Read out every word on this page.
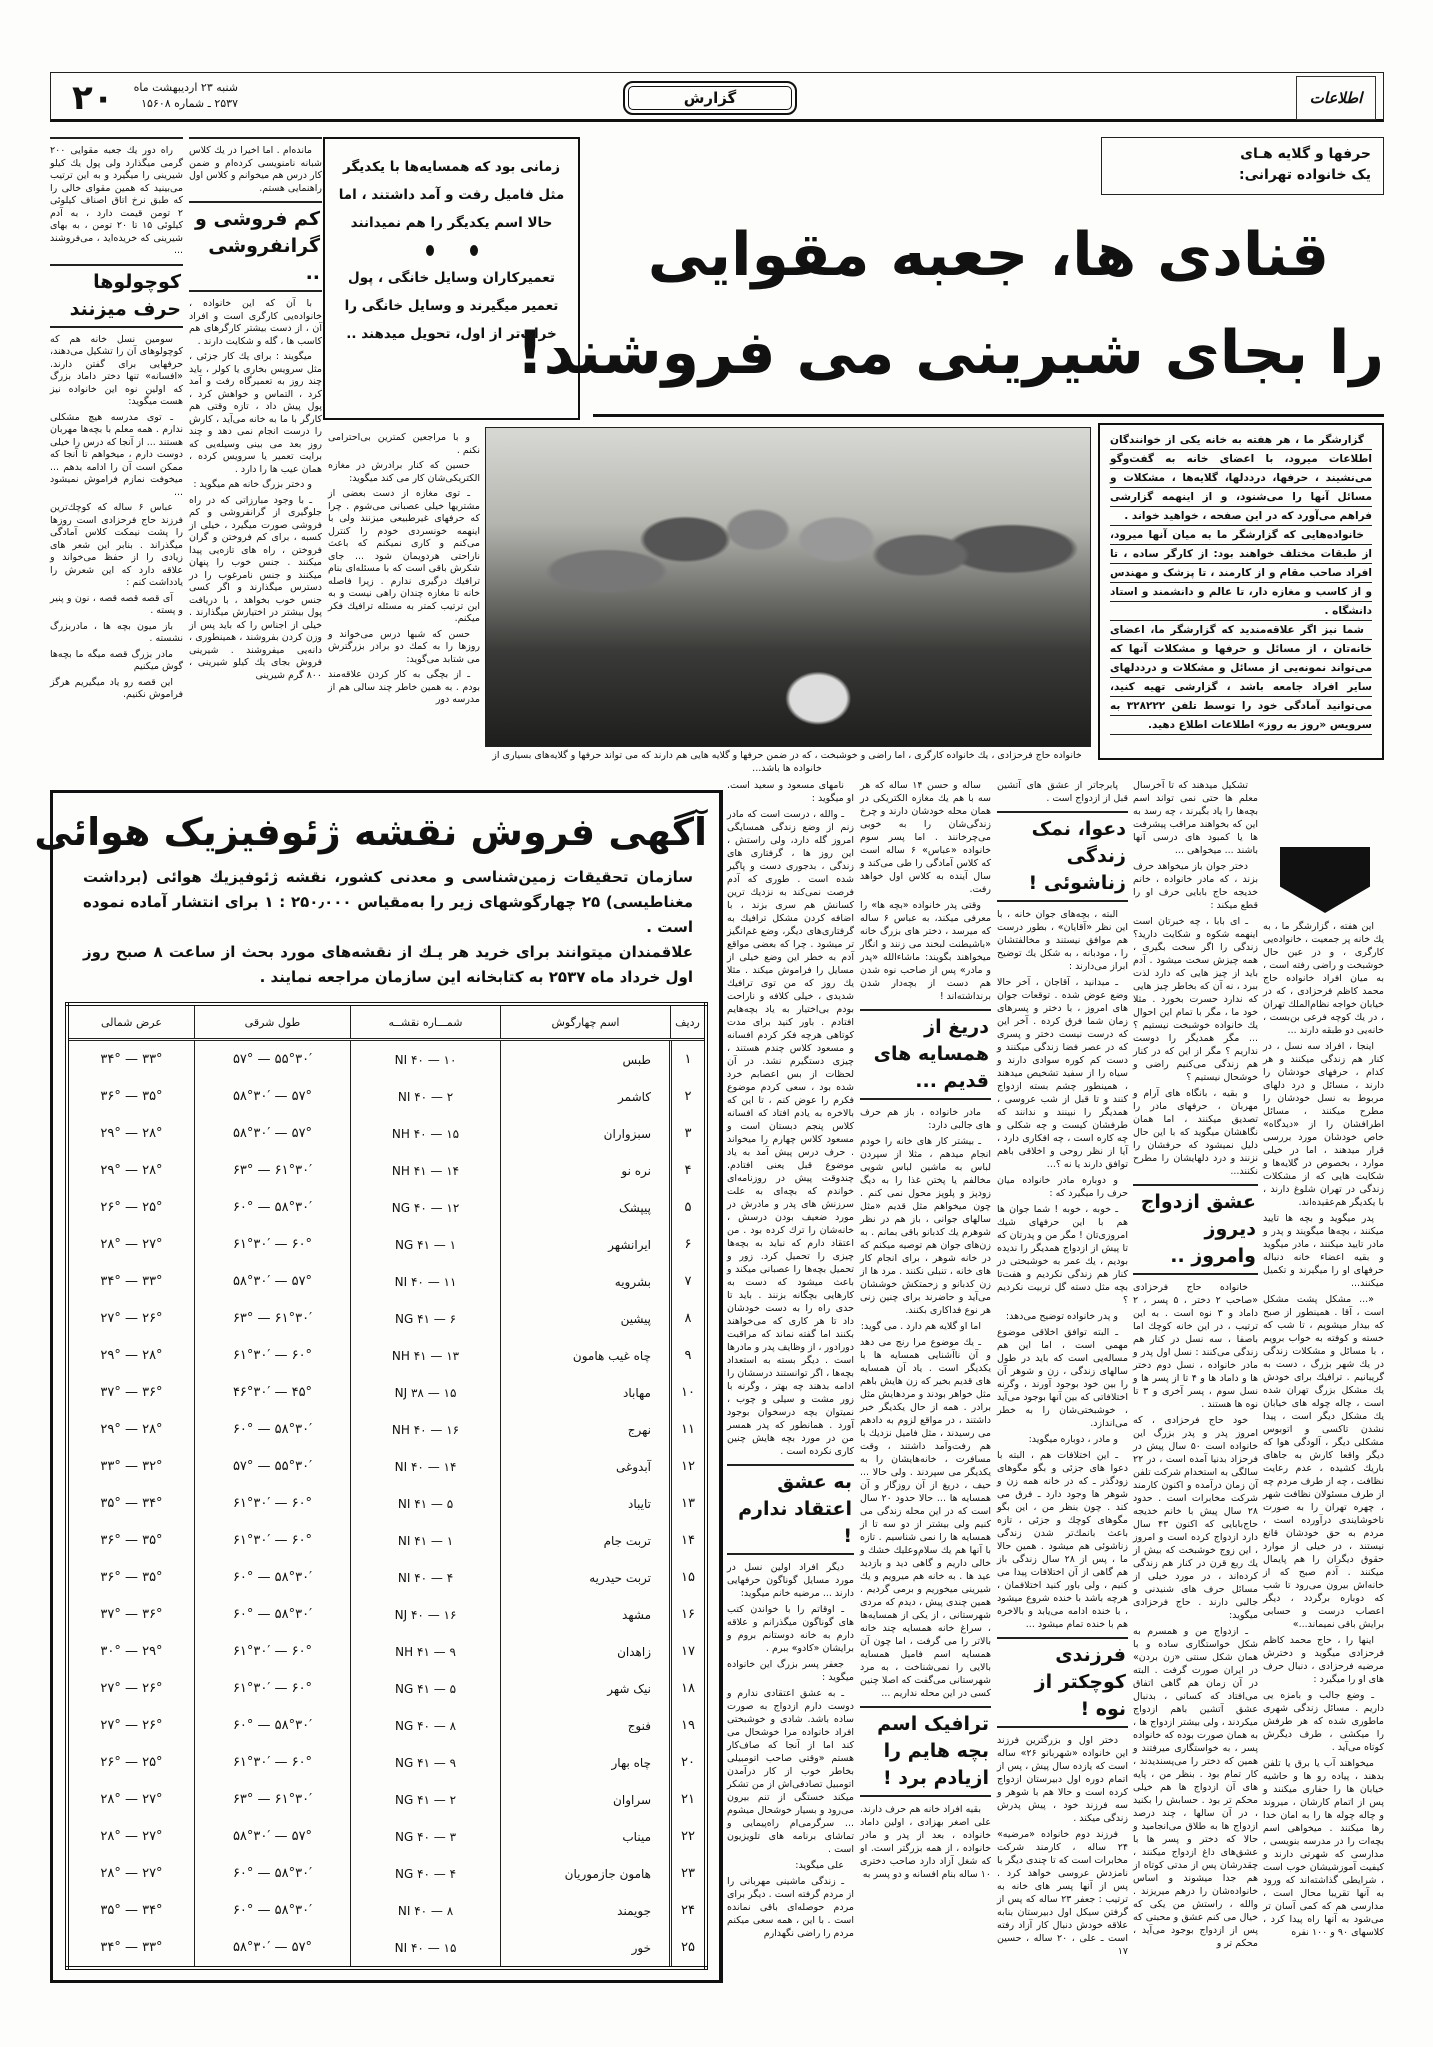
۲۰	شنبه ۲۳ اردیبهشت ماه
۲۵۳۷ ـ شماره ۱۵۶۰۸	گزارش	اطلاعات
حرفها و گلایه هـای
یک خانواده تهرانی:
قنادی ها، جعبه مقوایی
را بجای شیرینی می فروشند!
زمانی بود که همسایه‌ها با یکدیگر مثل فامیل رفت و آمد داشتند ، اما حالا اسم یکدیگر را هم نمیدانند
تعمیرکاران وسایل خانگی ، پول تعمیر میگیرند و وسایل خانگی را خراب‌تر از اول، تحویل میدهند ..

راه دور یك جعبه مقوایی ۲۰۰ گرمی میگذارد ولی پول یك كیلو شیرینی را میگیرد و به این ترتیب می‌بینید كه همین مقوای خالی را كه طبق نرخ اتاق اصناف كیلوئی ۲ تومن قیمت دارد ، به آدم كیلوئی ۱۵ تا ۲۰ تومن ، به بهای شیرینی كه خریده‌اید ، می‌فروشند ...

کوچولوها حرف میزنند

سومین نسل خانه هم كه كوچولوهای آن را تشكیل می‌دهند، حرفهایی برای گفتن دارند. «افسانه» تنها دختر داماد بزرگ كه اولین نوه این خانواده نیز هست میگوید:

ـ توی مدرسه هیچ مشكلی ندارم . همه معلم با بچه‌ها مهربان هستند ... از آنجا كه درس را خیلی دوست دارم ، میخواهم تا آنجا كه ممكن است آن را ادامه بدهم ... میخوفت نمازم فراموش نمیشود ...

عباس ۶ ساله كه كوچك‌ترین فرزند حاج فرحزادی است روزها را پشت نیمكت كلاس آمادگی میگذراند . بنابر این شعر های زیادی را از حفظ می‌خواند و علاقه دارد كه این شعرش را یادداشت كنم :

آی قصه قصه قصه ، نون و پنیر و پسته .

باز میون بچه ها ، مادربزرگ نشسته .

مادر بزرگ قصه میگه ما بچه‌ها گوش میكنیم

این قصه رو یاد میگیریم هرگز فراموش نكنیم.

مانده‌ام . اما اخیرا در یك كلاس شبانه نامنویسی كرده‌ام و ضمن كار درس هم میخوانم و كلاس اول راهنمایی هستم.

کم فروشی و گرانفروشی ..

با آن كه این خانواده ، خانواده‌یی كارگری است و افراد آن ، از دست بیشتر كارگرهای هم كاسب ها ، گله و شكایت دارند .

میگویند : برای یك كار جزئی ، مثل سرویس بخاری یا كولر ، باید چند روز به تعمیرگاه رفت و آمد كرد ، التماس و خواهش كرد ، پول پیش داد ، تازه وقتی هم كارگر با ما به خانه می‌آید ، كارش را درست انجام نمی دهد و چند روز بعد می بینی وسیله‌یی كه برایت تعمیر یا سرویس كرده ، همان عیب ها را دارد .

و دختر بزرگ خانه هم میگوید :

ـ با وجود مبارزاتی كه در راه جلوگیری از گرانفروشی و كم فروشی صورت میگیرد ، خیلی از كسبه ، برای كم فروختن و گران فروختن ، راه های تازه‌یی پیدا میكنند . جنس خوب را پنهان میكنند و جنس نامرغوب را در دسترس میگذارند و اگر كسی جنس خوب بخواهد ، با دریافت پول بیشتر در اختیارش میگذارند . خیلی از اجناس را كه باید پس از وزن كردن بفروشند ، همینطوری ، دانه‌یی میفروشند . شیرینی فروش بجای یك كیلو شیرینی ، ۸۰۰ گرم شیرینی

و با مراجعین كمترین بی‌احترامی نكنم .

حسین كه كنار برادرش در مغازه الكتریكی‌شان كار می كند میگوید:

ـ توی مغازه از دست بعضی از مشتریها خیلی عصبانی می‌شوم . چرا كه حرفهای غیرطبیعی میزنند ولی با اینهمه خونسردی خودم را كنترل می‌كنم و كاری نمیكنم كه باعث ناراحتی هردویمان شود ... جای شكرش باقی است كه با مسئله‌ای بنام ترافیك درگیری ندارم . زیرا فاصله خانه تا مغازه چندان راهی نیست و به این ترتیب كمتر به مسئله ترافیك فكر میكنم.

حسن كه شبها درس می‌خواند و روزها را به كمك دو برادر بزرگترش می شتابد می‌گوید:

ـ از بچگی به كار كردن علاقه‌مند بودم . به همین خاطر چند سالی هم از مدرسه دور

خانواده حاج فرحزادی ، یك خانواده كارگری ، اما راضی و خوشبخت ، كه در ضمن حرفها و گلایه هایی هم دارند كه می تواند حرفها و گلایه‌های بسیاری از خانواده ها باشد...

گزارشگر ما ، هر هفته به خانه یکی از خوانندگان اطلاعات میرود، با اعضای خانه به گفت‌وگو می‌نشیند ، حرفها، درددلها، گلایه‌ها ، مشکلات و مسائل آنها را می‌شنود، و از اینهمه گزارشی فراهم می‌آورد که در این صفحه ، خواهید خواند .

خانواده‌هایی که گزارشگر ما به میان آنها میرود، از طبقات مختلف خواهند بود: از کارگر ساده ، تا افراد صاحب مقام و از کارمند ، تا پزشک و مهندس و از کاسب و مغازه دار، تا عالم و دانشمند و استاد دانشگاه .

شما نیز اگر علاقه‌مندید که گزارشگر ما، اعضای خانه‌تان ، از مسائل و حرفها و مشکلات آنها که می‌تواند نمونه‌یی از مسائل و مشکلات و درددلهای سایر افراد جامعه باشد ، گزارشی تهیه کنید، می‌توانید آمادگی خود را توسط تلفن ۳۲۸۲۲۲ به سرویس «روز به روز» اطلاعات اطلاع دهید.

آگهی فروش نقشه ژئوفیزیک هوائی

سازمان تحقیقات زمین‌شناسی و معدنی کشور، نقشه ژئوفیزیك هوائی (برداشت مغناطیسی) ۲۵ چهارگوشهای زیر را به‌مقیاس ۲۵۰٫۰۰۰ : ۱ برای انتشار آماده نموده است .

علاقمندان میتوانند برای خرید هر یـك از نقشه‌های مورد بحث از ساعت ۸ صبح روز اول خرداد ماه ۲۵۳۷ به کتابخانه این سازمان مراجعه نمایند .

ردیف	اسم چهارگوش	شمـــاره نقشــه	طول شرقی	عرض شمالی
۱	طبس	NI ۴۰ — ۱۰	۵۵°۳۰′ — ۵۷°	۳۳° — ۳۴°
۲	کاشمر	NI ۴۰ — ۲	۵۷° — ۵۸°۳۰′	۳۵° — ۳۶°
۳	سبزواران	NH ۴۰ — ۱۵	۵۷° — ۵۸°۳۰′	۲۸° — ۲۹°
۴	نره نو	NH ۴۱ — ۱۴	۶۱°۳۰′ — ۶۳°	۲۸° — ۲۹°
۵	پیپشک	NG ۴۰ — ۱۲	۵۸°۳۰′ — ۶۰°	۲۵° — ۲۶°
۶	ایرانشهر	NG ۴۱ — ۱	۶۰° — ۶۱°۳۰′	۲۷° — ۲۸°
۷	بشرویه	NI ۴۰ — ۱۱	۵۷° — ۵۸°۳۰′	۳۳° — ۳۴°
۸	پیشین	NG ۴۱ — ۶	۶۱°۳۰′ — ۶۳°	۲۶° — ۲۷°
۹	چاه غیب هامون	NH ۴۱ — ۱۳	۶۰° — ۶۱°۳۰′	۲۸° — ۲۹°
۱۰	مهاباد	NJ ۳۸ — ۱۵	۴۵° — ۴۶°۳۰′	۳۶° — ۳۷°
۱۱	نهرج	NH ۴۰ — ۱۶	۵۸°۳۰′ — ۶۰°	۲۸° — ۲۹°
۱۲	آبدوغی	NI ۴۰ — ۱۴	۵۵°۳۰′ — ۵۷°	۳۲° — ۳۳°
۱۳	تایباد	NI ۴۱ — ۵	۶۰° — ۶۱°۳۰′	۳۴° — ۳۵°
۱۴	تربت جام	NI ۴۱ — ۱	۶۰° — ۶۱°۳۰′	۳۵° — ۳۶°
۱۵	تربت حیدریه	NI ۴۰ — ۴	۵۸°۳۰′ — ۶۰°	۳۵° — ۳۶°
۱۶	مشهد	NJ ۴۰ — ۱۶	۵۸°۳۰′ — ۶۰°	۳۶° — ۳۷°
۱۷	زاهدان	NH ۴۱ — ۹	۶۰° — ۶۱°۳۰′	۲۹° — ۳۰°
۱۸	نیک شهر	NG ۴۱ — ۵	۶۰° — ۶۱°۳۰′	۲۶° — ۲۷°
۱۹	فنوج	NG ۴۰ — ۸	۵۸°۳۰′ — ۶۰°	۲۶° — ۲۷°
۲۰	چاه بهار	NG ۴۱ — ۹	۶۰° — ۶۱°۳۰′	۲۵° — ۲۶°
۲۱	سراوان	NG ۴۱ — ۲	۶۱°۳۰′ — ۶۳°	۲۷° — ۲۸°
۲۲	میناب	NG ۴۰ — ۳	۵۷° — ۵۸°۳۰′	۲۷° — ۲۸°
۲۳	هامون جازموریان	NG ۴۰ — ۴	۵۸°۳۰′ — ۶۰°	۲۷° — ۲۸°
۲۴	جویمند	NI ۴۰ — ۸	۵۸°۳۰′ — ۶۰°	۳۴° — ۳۵°
۲۵	خور	NI ۴۰ — ۱۵	۵۷° — ۵۸°۳۰′	۳۳° — ۳۴°

نامهای مسعود و سعید است. او میگوید :

ـ والله ، درست است كه مادر زنم از وضع زندگی همسایگی امروز گله دارد، ولی راستش ، این روز ها ، گرفتاری های زندگی ، بدجوری دست و پاگیر شده است . طوری كه آدم فرصت نمی‌كند به نزدیك ترین كسانش هم سری بزند ، با اضافه كردن مشكل ترافیك به گرفتاری‌های دیگر، وضع غم‌انگیز تر میشود . چرا كه بعضی مواقع آدم به خطر این وضع خیلی از مسایل را فراموش میكند . مثلا یك روز كه من توی ترافیك شدیدی ، خیلی كلافه و ناراحت بودم بی‌اختیار به یاد بچه‌هایم افتادم . باور كنید برای مدت كوتاهی هرچه فكر كردم افسانه و مسعود كلاس چندم هستند ، چیزی دستگیرم نشد. در آن لحظات از بس اعصابم خرد شده بود ، سعی كردم موضوع فكرم را عوض كنم ، تا این كه بالاخره به یادم افتاد كه افسانه كلاس پنجم دبستان است و مسعود كلاس چهارم را میخواند . حرف درس پیش آمد به یاد موضوع قبل یعنی افتادم. چندوقت پیش در روزنامه‌ای خواندم كه بچه‌ای به علت سرزنش های پدر و مادرش در مورد ضعیف بودن درسش ، خانه‌شان را ترك كرده بود . من اعتقاد دارم كه نباید به بچه‌ها چیزی را تحمیل كرد. زور و تحمیل بچه‌ها را عصبانی میكند و باعث میشود كه دست به كارهایی بچگانه بزنند . باید تا حدی راه را به دست خودشان داد تا هر كاری كه می‌خواهند بكنند اما گفته نماند كه مراقبت دورادور ، از وظایف پدر و مادرها است . دیگر بسته به استعداد بچه‌ها ، اگر توانستند درسشان را ادامه بدهند چه بهتر ، وگرنه با زور مشت و سیلی و چوب ، نمیتوان بچه درسخوان بوجود آورد . همانطور كه پدر همسر من در مورد بچه هایش چنین كاری نكرده است .

به عشق اعتقاد ندارم !

دیگر افراد اولین نسل در مورد مسایل گوناگون حرفهایی دارند ... مرضیه خانم میگوید:

ـ اوقاتم را با خواندن كتب های گوناگون میگذرانم و علاقه دارم به خانه دوستانم بروم و برایشان «كادو» ببرم .

جعفر پسر بزرگ این خانواده میگوید :

ـ به عشق اعتقادی ندارم و دوست دارم ازدواج به صورت ساده باشد. شادی و خوشبختی افراد خانواده مرا خوشحال می كند اما از آنجا كه صاف‌كار هستم «وقتی صاحب اتومبیلی بخاطر خوب از كار درآمدن اتومبیل تصادفی‌اش از من تشكر میكند خستگی از تنم بیرون می‌رود و بسیار خوشحال میشوم ... سرگرمی‌ام راه‌پیمایی و تماشای برنامه های تلویزیون است .

علی میگوید:

ـ زندگی ماشینی مهربانی را از مردم گرفته است . دیگر برای مردم حوصله‌ای باقی نمانده است . با این ، همه سعی میكنم مردم را راضی نگهدارم

ساله و حسن ۱۴ ساله كه هر سه با هم یك مغازه الكتریكی در همان محله خودشان دارند و چرخ زندگی‌شان را به خوبی می‌چرخانند . اما پسر سوم خانواده «عباس» ۶ ساله است كه كلاس آمادگی را طی می‌كند و سال آینده به كلاس اول خواهد رفت.

وقتی پدر خانواده «بچه ها» را معرفی میكند، به عباس ۶ ساله كه میرسد ، دختر های بزرگ خانه «باشیطنت لبخند می زنند و انگار میخواهند بگویند: ماشاءالله «پدر و مادر» پس از صاحب نوه شدن هم دست از بچه‌دار شدن برنداشته‌اند !

دریغ از همسایه های قدیم ...

مادر خانواده ، باز هم حرف های جالبی دارد:

ـ بیشتر كار های خانه را خودم انجام میدهم ، مثلا از سپردن لباس به ماشین لباس شویی مخالفم یا پختن غذا را به دیگ زودپز و پلوپز محول نمی كنم . چون میخواهم مثل قدیم «مثل سالهای جوانی ، باز هم در نظر شوهرم یك كدبانو باقی بمانم . به زن‌های جوان هم توصیه میكنم كه در خانه شوهر ، برای انجام كار های خانه ، تنبلی نكنند . مرد ها از زن كدبانو و زحمتكش خوششان می‌آید و حاضرند برای چنین زنی هر نوع فداكاری بكنند.

اما او گلایه هم دارد . می گوید:

ـ یك موضوع مرا رنج می دهد و آن ناآشنایی همسایه ها با یكدیگر است . یاد آن همسایه های قدیم بخیر كه زن هایش باهم مثل خواهر بودند و مردهایش مثل برادر . همه از حال یكدیگر خبر داشتند ، در مواقع لزوم به دادهم می رسیدند ، مثل فامیل نزدیك با هم رفت‌وآمد داشتند ، وقت مسافرت ، خانه‌هایشان را به یكدیگر می سپردند . ولی حالا ... حیف ، دریغ از آن روزگار و آن همسایه ها ... حالا حدود ۲۰ سال است كه در این محله زندگی می كنیم ولی بیشتر از دو سه تا از همسایه ها را نمی شناسیم . تازه با آنها هم یك سلام‌وعلیك خشك و خالی داریم و گاهی دید و بازدید عید ها . به خانه هم میرویم و یك شیرینی میخوریم و برمی گردیم . همین چندی پیش ، دیدم كه مردی شهرستانی ، از یكی از همسایه‌ها ، سراغ خانه همسایه چند خانه بالاتر را می گرفت ، اما چون آن همسایه اسم فامیل همسایه بالایی را نمی‌شناخت ، به مرد شهرستانی می‌گفت كه اصلا چنین كسی در این محله نداریم ...

ترافیک اسم بچه هایم را ازیادم برد !

بقیه افراد خانه هم حرف دارند. علی اصغر بهزادی ، اولین داماد خانواده ، بعد از پدر و مادر خانواده ، از همه بزرگتر است. او كه شغل آزاد دارد صاحب دختری ۱۰ ساله بنام افسانه و دو پسر به

پابرجاتر از عشق های آتشین قبل از ازدواج است .

دعوا، نمک زندگی زناشوئی !

البته ، بچه‌های جوان خانه ، با این نظر «آقایان» ، بطور درست هم موافق نیستند و مخالفتشان را ، مودبانه ، به شكل یك توضیح ابراز می‌دارند :

ـ میدانید ، آقاجان ، آخر حالا وضع عوض شده . توقعات جوان های امروز ، با دختر و پسرهای زمان شما فرق كرده . آخر این كه درست نیست دختر و پسری كه در عصر فضا زندگی میكنند و دست كم كوره سوادی دارند و سیاه را از سفید تشخیص میدهند ، همینطور چشم بسته ازدواج كنند و تا قبل از شب عروسی ، همدیگر را نبینند و ندانند كه طرفشان كیست و چه شكلی و چه كاره است ، چه افكاری دارد ، آیا از نظر روحی و اخلاقی باهم توافق دارند یا نه ؟...

و دوباره مادر خانواده میان حرف را میگیرد كه :

ـ خوبه ، خوبه ! شما جوان ها هم با این حرفهای شیك امروزی‌تان ! مگر من و پدرتان كه تا پیش از ازدواج همدیگر را ندیده بودیم ، یك عمر به خوشبختی در كنار هم زندگی نكردیم و هفت‌تا بچه مثل دسته گل تربیت نكردیم ؟

و پدر خانواده توضیح می‌دهد:

ـ البته توافق اخلاقی موضوع مهمی است ، اما این هم مساله‌یی است كه باید در طول سالهای زندگی ، زن و شوهر آن را بین خود بوجود آورند ، وگرنه اختلافاتی كه بین آنها بوجود می‌آید ، خوشبختی‌شان را به خطر می‌اندازد.

و مادر ، دوباره میگوید:

ـ این اختلافات هم ، البته با دعوا های جزئی و بگو مگوهای زودگذر ـ كه در خانه همه زن و شوهر ها وجود دارد ـ فرق می كند . چون بنظر من ، این بگو مگوهای كوچك و جزئی ، تازه باعث بانمك‌تر شدن زندگی زناشوئی هم میشود . همین حالا ما ، پس از ۲۸ سال زندگی باز هم گاهی از آن اختلافات پیدا می كنیم ، ولی باور كنید اختلافمان ، هرچه باشد با خنده شروع میشود ، با خنده ادامه می‌یابد و بالاخره هم با خنده تمام میشود ...

فرزندی کوچکتر از نوه !

دختر اول و بزرگترین فرزند این خانواده «شهربانو ۲۶» ساله است كه یازده سال پیش ، پس از اتمام دوره اول دبیرستان ازدواج كرده است و حالا هم با شوهر و سه فرزند خود ، پیش پدرش زندگی میكند .

فرزند دوم خانواده «مرضیه» ۲۴ ساله ، كارمند شركت مخابرات است كه تا چندی دیگر با نامزدش عروسی خواهد كرد . پس از آنها پسر های خانه به ترتیب : جعفر ۲۳ ساله كه پس از گرفتن سیكل اول دبیرستان بنابه علاقه خودش دنبال كار آزاد رفته است ـ علی ، ۲۰ ساله ، حسین ۱۷

تشكیل میدهند كه تا آخرسال معلم ها حتی نمی تواند اسم بچه‌ها را یاد بگیرند ، چه رسد به این كه بخواهند مراقب پیشرفت ها یا كمبود های درسی آنها باشند ... میخواهی ...

دختر جوان باز میخواهد حرف بزند ، كه مادر خانواده ، خانم خدیجه حاج بابایی حرف او را قطع میكند :

ـ ای بابا ، چه خبرتان است اینهمه شكوه و شكایت دارید؟ زندگی را اگر سخت بگیری ، همه چیزش سخت میشود . آدم باید از چیز هایی كه دارد لذت ببرد ، نه آن كه بخاطر چیز هایی كه ندارد حسرت بخورد . مثلا خود ما ، مگر با تمام این احوال یك خانواده خوشبخت نیستیم ؟ ... مگر همدیگر را دوست نداریم ؟ مگر از این كه در كنار هم زندگی می‌كنیم راضی و خوشحال نیستیم ؟

و بقیه ، بانگاه های آرام و مهربان ، حرفهای مادر را تصدیق میكنند ، اما همان نگاهشان میگوید كه با این حال دلیل نمیشود كه حرفشان را نزنند و درد دلهایشان را مطرح نكنند...

عشق ازدواج دیروز وامروز ..

خانواده حاج فرحزادی «صاحب ۲ دختر ، ۵ پسر ، ۲ داماد و ۳ نوه است . به این ترتیب ، در این خانه كوچك اما باصفا ، سه نسل در كنار هم زندگی می‌كنند : نسل اول پدر و مادر خانواده ، نسل دوم دختر ها و داماد ها و ۴ تا از پسر ها و نسل سوم ، پسر آخری و ۳ تا نوه ها هستند .

خود حاج فرحزادی ، كه امروز پدر و پدر بزرگ این خانواده است ۵۰ سال پیش در فرحزاد بدنیا آمده است ، در ۲۲ سالگی به استخدام شركت تلفن آن زمان درآمده و اكنون كارمند شركت مخابرات است . حدود ۲۸ سال پیش با خانم خدیجه حاج‌بابایی كه اكنون ۴۳ سال دارد ازدواج كرده است و امروز ، این زوج خوشبخت كه بیش از یك ربع قرن در كنار هم زندگی كرده‌اند ، در مورد خیلی از مسائل حرف های شنیدنی و جالبی دارند . حاج فرحزادی میگوید:

ـ ازدواج من و همسرم به شكل خواستگاری ساده و با همان شكل سنتی «زن بردن» در ایران صورت گرفت . البته در آن زمان هم گاهی اتفاق می‌افتاد كه كسانی ، بدنبال عشق آتشین باهم ازدواج میكردند ، ولی بیشتر ازدواج ها ، به همان صورت بوده كه خانواده پسر ، به خواستگاری میرفتند و همین كه دختر را می‌پسندیدند ، كار تمام بود . بنظر من ، پایه های آن ازدواج ها هم خیلی محكم تر بود . حسابش را بكنید ، در آن سالها ، چند درصد ازدواج ها به طلاق می‌انجامید و حالا كه دختر و پسر ها با عشق‌های داغ ازدواج میكنند ، چقدرشان پس از مدتی كوتاه از هم جدا میشوند و اساس خانواده‌شان را درهم میریزند . والله ، راستش من یكی كه خیال می كنم عشق و محبتی كه پس از ازدواج بوجود می‌آید ، محكم تر و

این هفته ، گزارشگر ما ، به یك خانه پر جمعیت ، خانواده‌یی كارگری ، و در عین حال خوشبخت و راضی رفته است ، به میان افراد خانواده حاج محمد كاظم فرحزادی ، كه در خیابان خواجه نظام‌الملك تهران ، در یك كوچه فرعی بن‌بست ، خانه‌یی دو طبقه دارند ...

اینجا ، افراد سه نسل ، در كنار هم زندگی میكنند و هر كدام ، حرفهای خودشان را دارند ، مسائل و درد دلهای مربوط به نسل خودشان را مطرح میكنند ، مسائل اطرافشان را از «دیدگاه» خاص خودشان مورد بررسی قرار میدهند ، اما در خیلی موارد ، بخصوص در گلایه‌ها و شكایت هایی كه از مشكلات زندگی در تهران شلوغ دارند ، با یكدیگر هم‌عقیده‌اند.

پدر میگوید و بچه ها تایید میكنند ، بچه‌ها میگویند و پدر و مادر تایید میكنند ، مادر میگوید و بقیه اعضاء خانه دنباله حرفهای او را میگیرند و تكمیل میكنند...

«... مشكل پشت مشكل است ، آقا . همینطور از صبح كه بیدار میشویم ، تا شب كه خسته و كوفته به خواب برویم ، با مسائل و مشكلات زندگی در یك شهر بزرگ ، دست به گریبانیم . ترافیك برای خودش یك مشكل بزرگ تهران شده است ، چاله چوله های خیابان یك مشكل دیگر است ، پیدا نشدن تاكسی و اتوبوس مشكلی دیگر ، آلودگی هوا كه دیگر واقعا كارش به جاهای باریك كشیده ، عدم رعایت نظافت ، چه از طرف مردم چه از طرف مسئولان نظافت شهر ، چهره تهران را به صورت ناخوشایندی درآورده است ، مردم به حق خودشان قانع نیستند ، در خیلی از موارد حقوق دیگران را هم پایمال میكنند . آدم صبح كه از خانه‌اش بیرون می‌رود تا شب كه دوباره برگردد ، دیگر اعصاب درست و حسابی برایش باقی نمیماند...»

اینها را ، حاج محمد كاظم فرحزادی میگوید و دخترش مرضیه فرحزادی ، دنبال حرف های او را میگیرد :

ـ وضع جالب و بامزه یی داریم . مسائل زندگی شهری ماطوری شده كه هر طرفش را میكشی ، طرف دیگرش كوتاه می‌آید .

میخواهند آب یا برق یا تلفن بدهند ، پیاده رو ها و حاشیه خیابان ها را حفاری میكنند و پس از اتمام كارشان ، میروند و چاله چوله ها را به امان خدا رها میكنند . میخواهی اسم بچه‌ات را در مدرسه بنویسی ، مدارسی كه شهرتی دارند و كیفیت آموزشیشان خوب است ، شرایطی گذاشته‌اند كه ورود به آنها تقریبا محال است ، مدارسی هم كه كمی آسان تر می‌شود به آنها راه پیدا كرد ، كلاسهای ۹۰ و ۱۰۰ نفره
